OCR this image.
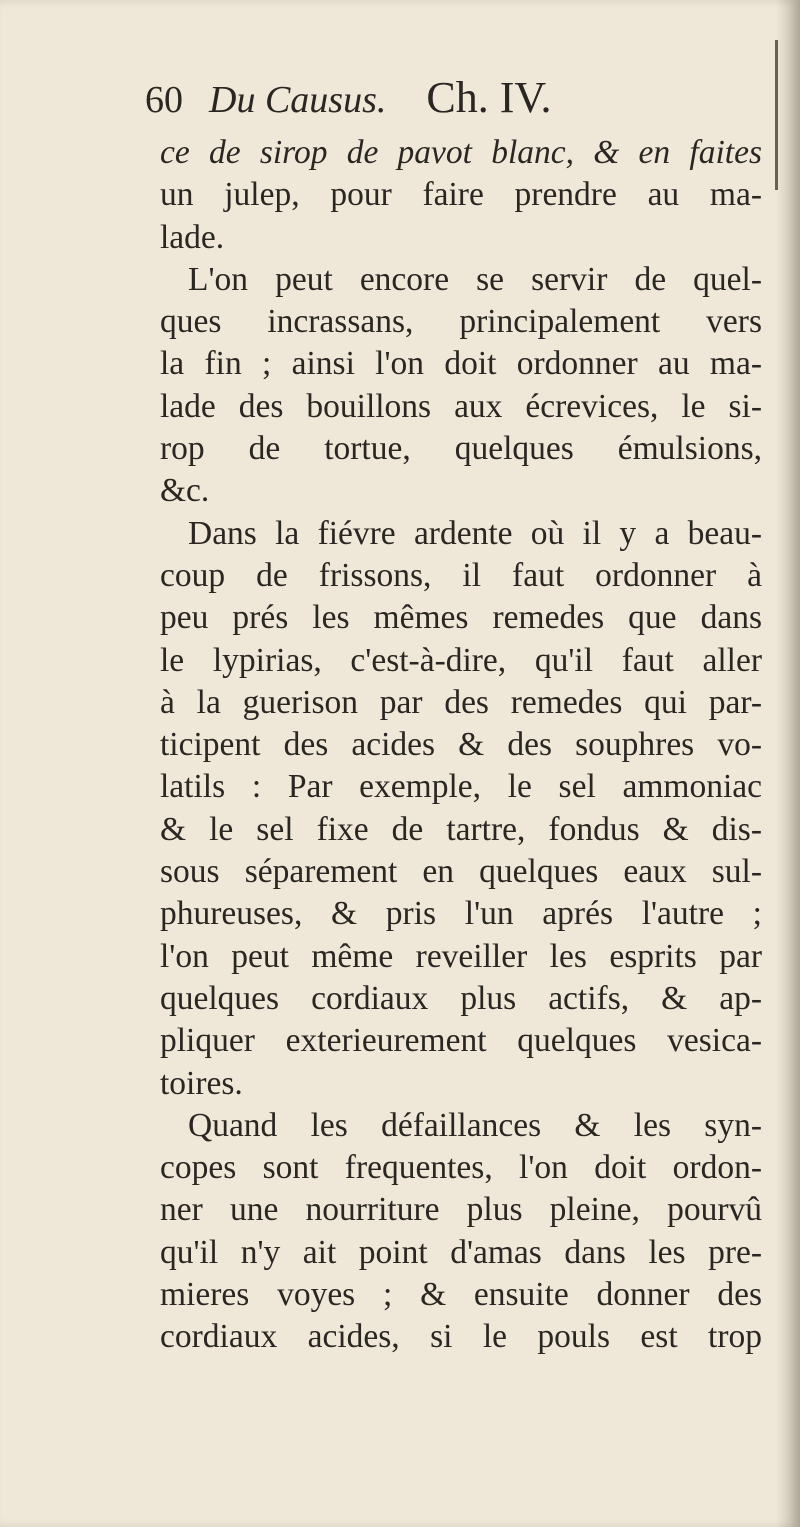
60 Du Causus. Ch. IV.
ce de sirop de pavot blanc, & en faites
un julep, pour faire prendre au ma-
lade.
L'on peut encore se servir de quel-
ques incrassans, principalement vers
la fin ; ainsi l'on doit ordonner au ma-
lade des bouillons aux écrevices, le si-
rop de tortue, quelques émulsions,
&c.
Dans la fiévre ardente où il y a beau-
coup de frissons, il faut ordonner à
peu prés les mêmes remedes que dans
le lypirias, c'est-à-dire, qu'il faut aller
à la guerison par des remedes qui par-
ticipent des acides & des souphres vo-
latils : Par exemple, le sel ammoniac
& le sel fixe de tartre, fondus & dis-
sous séparement en quelques eaux sul-
phureuses, & pris l'un aprés l'autre ;
l'on peut même reveiller les esprits par
quelques cordiaux plus actifs, & ap-
pliquer exterieurement quelques vesica-
toires.
Quand les défaillances & les syn-
copes sont frequentes, l'on doit ordon-
ner une nourriture plus pleine, pourvû
qu'il n'y ait point d'amas dans les pre-
mieres voyes ; & ensuite donner des
cordiaux acides, si le pouls est trop
